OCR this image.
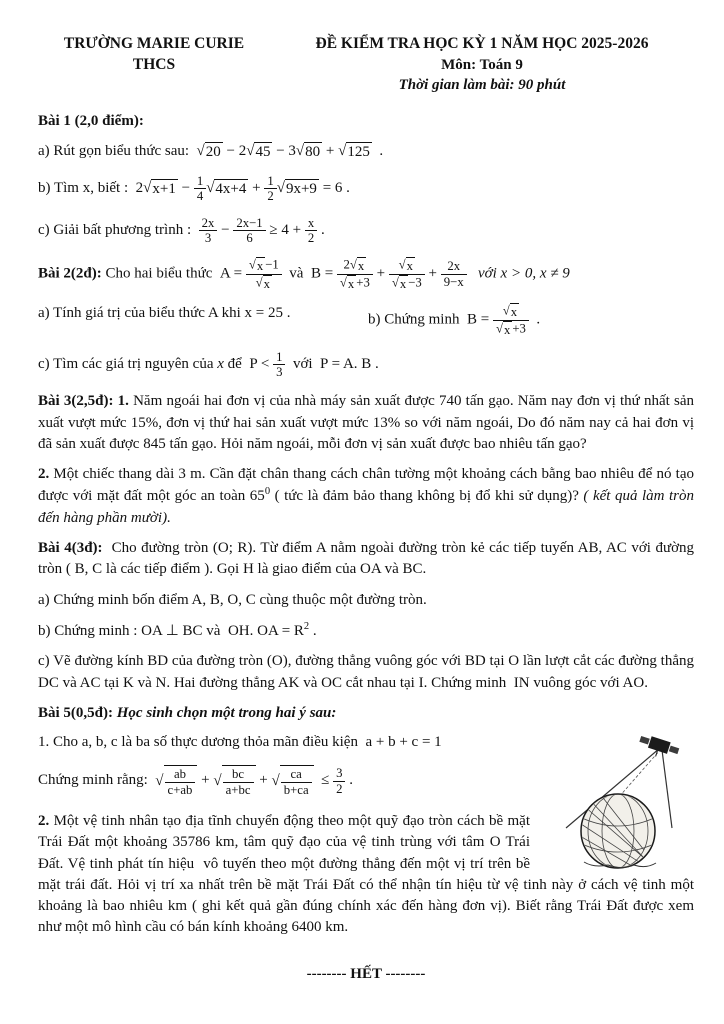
TRƯỜNG MARIE CURIE
THCS
ĐỀ KIỂM TRA HỌC KỲ 1 NĂM HỌC 2025-2026
Môn: Toán 9
Thời gian làm bài: 90 phút

Bài 1 (2,0 điểm):

a) Rút gọn biểu thức sau:  √20 − 2√45 − 3√80 + √125  .

b) Tìm x, biết :  $2√x+1 - \frac{1}{4} √4x+4 + \frac{1}{2} √9x+9 = 6$ .

c) Giải bất phương trình : $\frac{2x}{3} - \frac{2x-1}{6} \ge 4 + \frac{x}{2}$ .

Bài 2(2đ): Cho hai biểu thức  $A = \frac{√x -1}{√x}$ và  $B = \frac{2√x}{√x +3} + \frac{√x}{√x -3} + \frac{2x}{9-x}$ với x > 0, x ≠ 9

a) Tính giá trị của biểu thức A khi x = 25 .	b) Chứng minh  $B = \frac{√x}{√x +3}$ .

c) Tìm các giá trị nguyên của x để  $P < \frac{1}{3}$ với  P = A. B .

Bài 3(2,5đ): 1. Năm ngoái hai đơn vị của nhà máy sản xuất được 740 tấn gạo. Năm nay đơn vị thứ nhất sản xuất vượt mức 15%, đơn vị thứ hai sản xuất vượt mức 13% so với năm ngoái, Do đó năm nay cả hai đơn vị đã sản xuất được 845 tấn gạo. Hỏi năm ngoái, mỗi đơn vị sản xuất được bao nhiêu tấn gạo?

2. Một chiếc thang dài 3 m. Cần đặt chân thang cách chân tường một khoảng cách bằng bao nhiêu để nó tạo được với mặt đất một góc an toàn $65^0$ ( tức là đảm bảo thang không bị đổ khi sử dụng)? ( kết quả làm tròn đến hàng phần mười).

Bài 4(3đ):  Cho đường tròn (O; R). Từ điểm A nằm ngoài đường tròn kẻ các tiếp tuyến AB, AC với đường tròn ( B, C là các tiếp điểm ). Gọi H là giao điểm của OA và BC.

a) Chứng minh bốn điểm A, B, O, C cùng thuộc một đường tròn.

b) Chứng minh : OA ⊥ BC và  OH. OA = $R^2$ .

c) Vẽ đường kính BD của đường tròn (O), đường thẳng vuông góc với BD tại O lần lượt cắt các đường thẳng DC và AC tại K và N. Hai đường thẳng AK và OC cắt nhau tại I. Chứng minh  IN vuông góc với AO.

Bài 5(0,5đ): Học sinh chọn một trong hai ý sau:

1. Cho a, b, c là ba số thực dương thỏa mãn điều kiện  a + b + c = 1

Chứng minh rằng:  √ $\frac{ab}{c+ab}$ + √ $\frac{bc}{a+bc}$ + √ $\frac{ca}{b+ca} \le \frac{3}{2}$ .

2. Một vệ tinh nhân tạo địa tĩnh chuyển động theo một quỹ đạo tròn cách bề mặt Trái Đất một khoảng 35786 km, tâm quỹ đạo của vệ tinh trùng với tâm O Trái Đất. Vệ tinh phát tín hiệu  vô tuyến theo một đường thẳng đến một vị trí trên bề mặt trái đất. Hỏi vị trí xa nhất trên bề mặt Trái Đất có thể nhận tín hiệu từ vệ tinh này ở cách vệ tinh một khoảng là bao nhiêu km ( ghi kết quả gần đúng chính xác đến hàng đơn vị). Biết rằng Trái Đất được xem như một mô hình cầu có bán kính khoảng 6400 km.

-------- HẾT --------
